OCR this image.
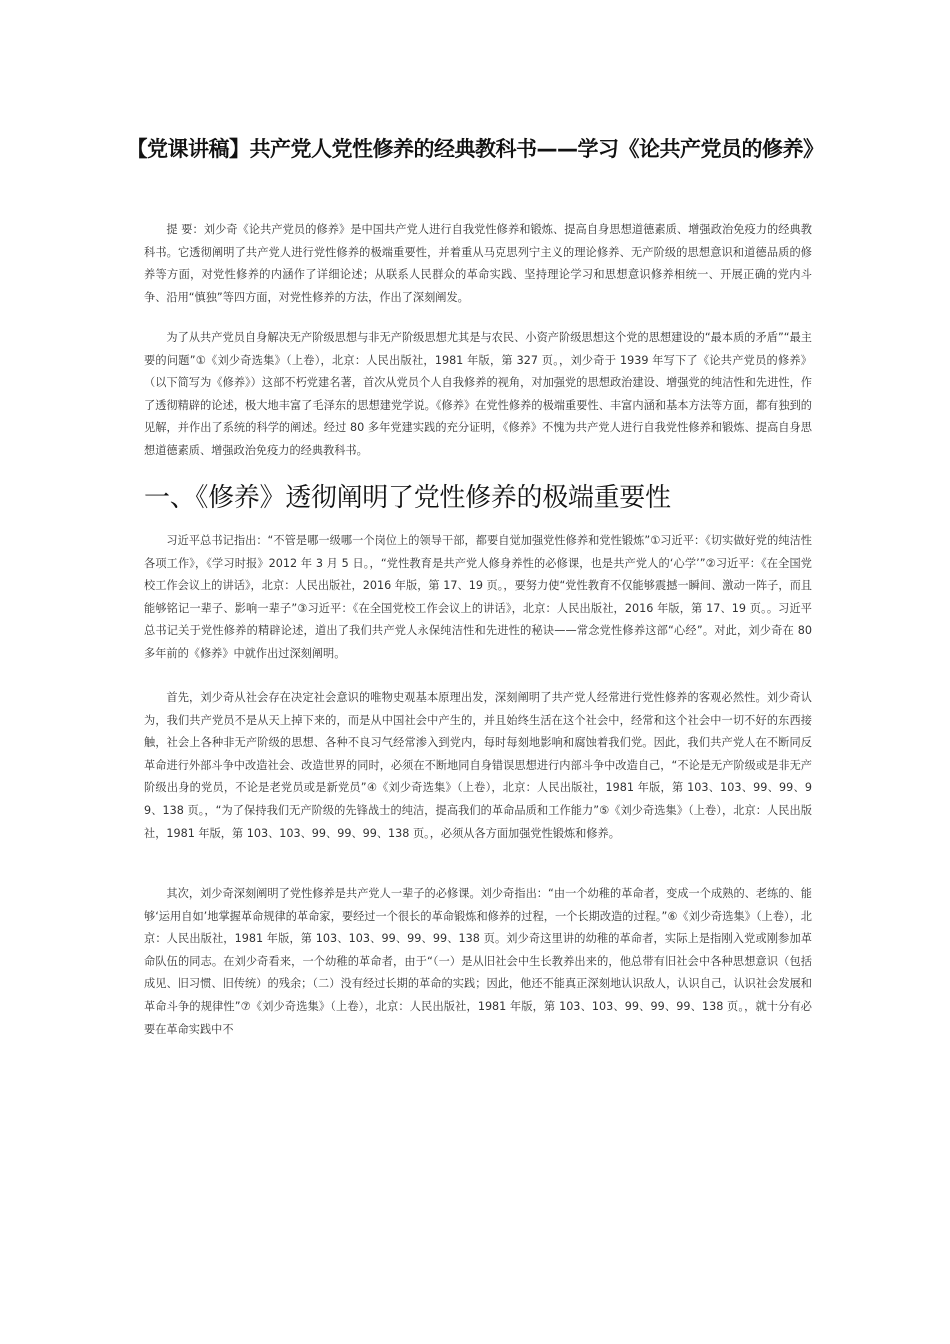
【党课讲稿】共产党人党性修养的经典教科书——学习《论共产党员的修养》

提 要：刘少奇《论共产党员的修养》是中国共产党人进行自我党性修养和锻炼、提高自身思想道德素质、增强政治免疫力的经典教科书。它透彻阐明了共产党人进行党性修养的极端重要性，并着重从马克思列宁主义的理论修养、无产阶级的思想意识和道德品质的修养等方面，对党性修养的内涵作了详细论述；从联系人民群众的革命实践、坚持理论学习和思想意识修养相统一、开展正确的党内斗争、沿用“慎独”等四方面，对党性修养的方法，作出了深刻阐发。

为了从共产党员自身解决无产阶级思想与非无产阶级思想尤其是与农民、小资产阶级思想这个党的思想建设的“最本质的矛盾”“最主要的问题”①《刘少奇选集》（上卷），北京：人民出版社，1981 年版，第 327 页。，刘少奇于 1939 年写下了《论共产党员的修养》（以下简写为《修养》）这部不朽党建名著，首次从党员个人自我修养的视角，对加强党的思想政治建设、增强党的纯洁性和先进性，作了透彻精辟的论述，极大地丰富了毛泽东的思想建党学说。《修养》在党性修养的极端重要性、丰富内涵和基本方法等方面，都有独到的见解，并作出了系统的科学的阐述。经过 80 多年党建实践的充分证明，《修养》不愧为共产党人进行自我党性修养和锻炼、提高自身思想道德素质、增强政治免疫力的经典教科书。

一、《修养》透彻阐明了党性修养的极端重要性

习近平总书记指出：“不管是哪一级哪一个岗位上的领导干部，都要自觉加强党性修养和党性锻炼”①习近平：《切实做好党的纯洁性各项工作》，《学习时报》2012 年 3 月 5 日。，“党性教育是共产党人修身养性的必修课，也是共产党人的‘心学’”②习近平：《在全国党校工作会议上的讲话》，北京：人民出版社，2016 年版，第 17、19 页。，要努力使“党性教育不仅能够震撼一瞬间、激动一阵子，而且能够铭记一辈子、影响一辈子”③习近平：《在全国党校工作会议上的讲话》，北京：人民出版社，2016 年版，第 17、19 页。。习近平总书记关于党性修养的精辟论述，道出了我们共产党人永保纯洁性和先进性的秘诀——常念党性修养这部“心经”。对此，刘少奇在 80 多年前的《修养》中就作出过深刻阐明。

首先，刘少奇从社会存在决定社会意识的唯物史观基本原理出发，深刻阐明了共产党人经常进行党性修养的客观必然性。刘少奇认为，我们共产党员不是从天上掉下来的，而是从中国社会中产生的，并且始终生活在这个社会中，经常和这个社会中一切不好的东西接触，社会上各种非无产阶级的思想、各种不良习气经常渗入到党内，每时每刻地影响和腐蚀着我们党。因此，我们共产党人在不断同反革命进行外部斗争中改造社会、改造世界的同时，必须在不断地同自身错误思想进行内部斗争中改造自己，“不论是无产阶级或是非无产阶级出身的党员，不论是老党员或是新党员”④《刘少奇选集》（上卷），北京：人民出版社，1981 年版，第 103、103、99、99、99、138 页。，“为了保持我们无产阶级的先锋战士的纯洁，提高我们的革命品质和工作能力”⑤《刘少奇选集》（上卷），北京：人民出版社，1981 年版，第 103、103、99、99、99、138 页。，必须从各方面加强党性锻炼和修养。

其次，刘少奇深刻阐明了党性修养是共产党人一辈子的必修课。刘少奇指出：“由一个幼稚的革命者，变成一个成熟的、老练的、能够‘运用自如’地掌握革命规律的革命家，要经过一个很长的革命锻炼和修养的过程，一个长期改造的过程。”⑥《刘少奇选集》（上卷），北京：人民出版社，1981 年版，第 103、103、99、99、99、138 页。刘少奇这里讲的幼稚的革命者，实际上是指刚入党或刚参加革命队伍的同志。在刘少奇看来，一个幼稚的革命者，由于“（一）是从旧社会中生长教养出来的，他总带有旧社会中各种思想意识（包括成见、旧习惯、旧传统）的残余；（二）没有经过长期的革命的实践；因此，他还不能真正深刻地认识敌人，认识自己，认识社会发展和革命斗争的规律性”⑦《刘少奇选集》（上卷），北京：人民出版社，1981 年版，第 103、103、99、99、99、138 页。，就十分有必要在革命实践中不
